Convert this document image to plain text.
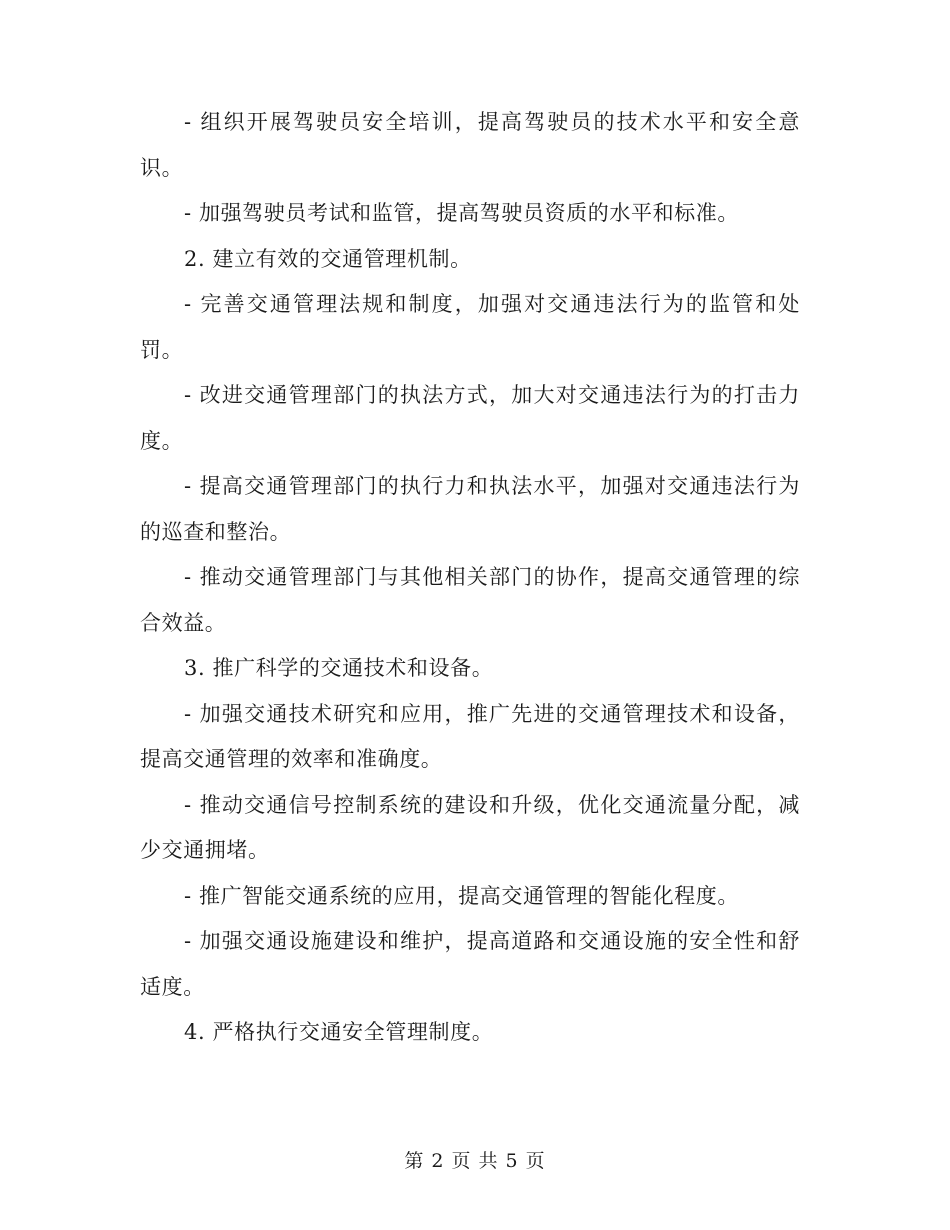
- 组织开展驾驶员安全培训，提高驾驶员的技术水平和安全意识。

- 加强驾驶员考试和监管，提高驾驶员资质的水平和标准。

2. 建立有效的交通管理机制。

- 完善交通管理法规和制度，加强对交通违法行为的监管和处罚。

- 改进交通管理部门的执法方式，加大对交通违法行为的打击力度。

- 提高交通管理部门的执行力和执法水平，加强对交通违法行为的巡查和整治。

- 推动交通管理部门与其他相关部门的协作，提高交通管理的综合效益。

3. 推广科学的交通技术和设备。

- 加强交通技术研究和应用，推广先进的交通管理技术和设备，提高交通管理的效率和准确度。

- 推动交通信号控制系统的建设和升级，优化交通流量分配，减少交通拥堵。

- 推广智能交通系统的应用，提高交通管理的智能化程度。

- 加强交通设施建设和维护，提高道路和交通设施的安全性和舒适度。

4. 严格执行交通安全管理制度。

第 2 页 共 5 页
